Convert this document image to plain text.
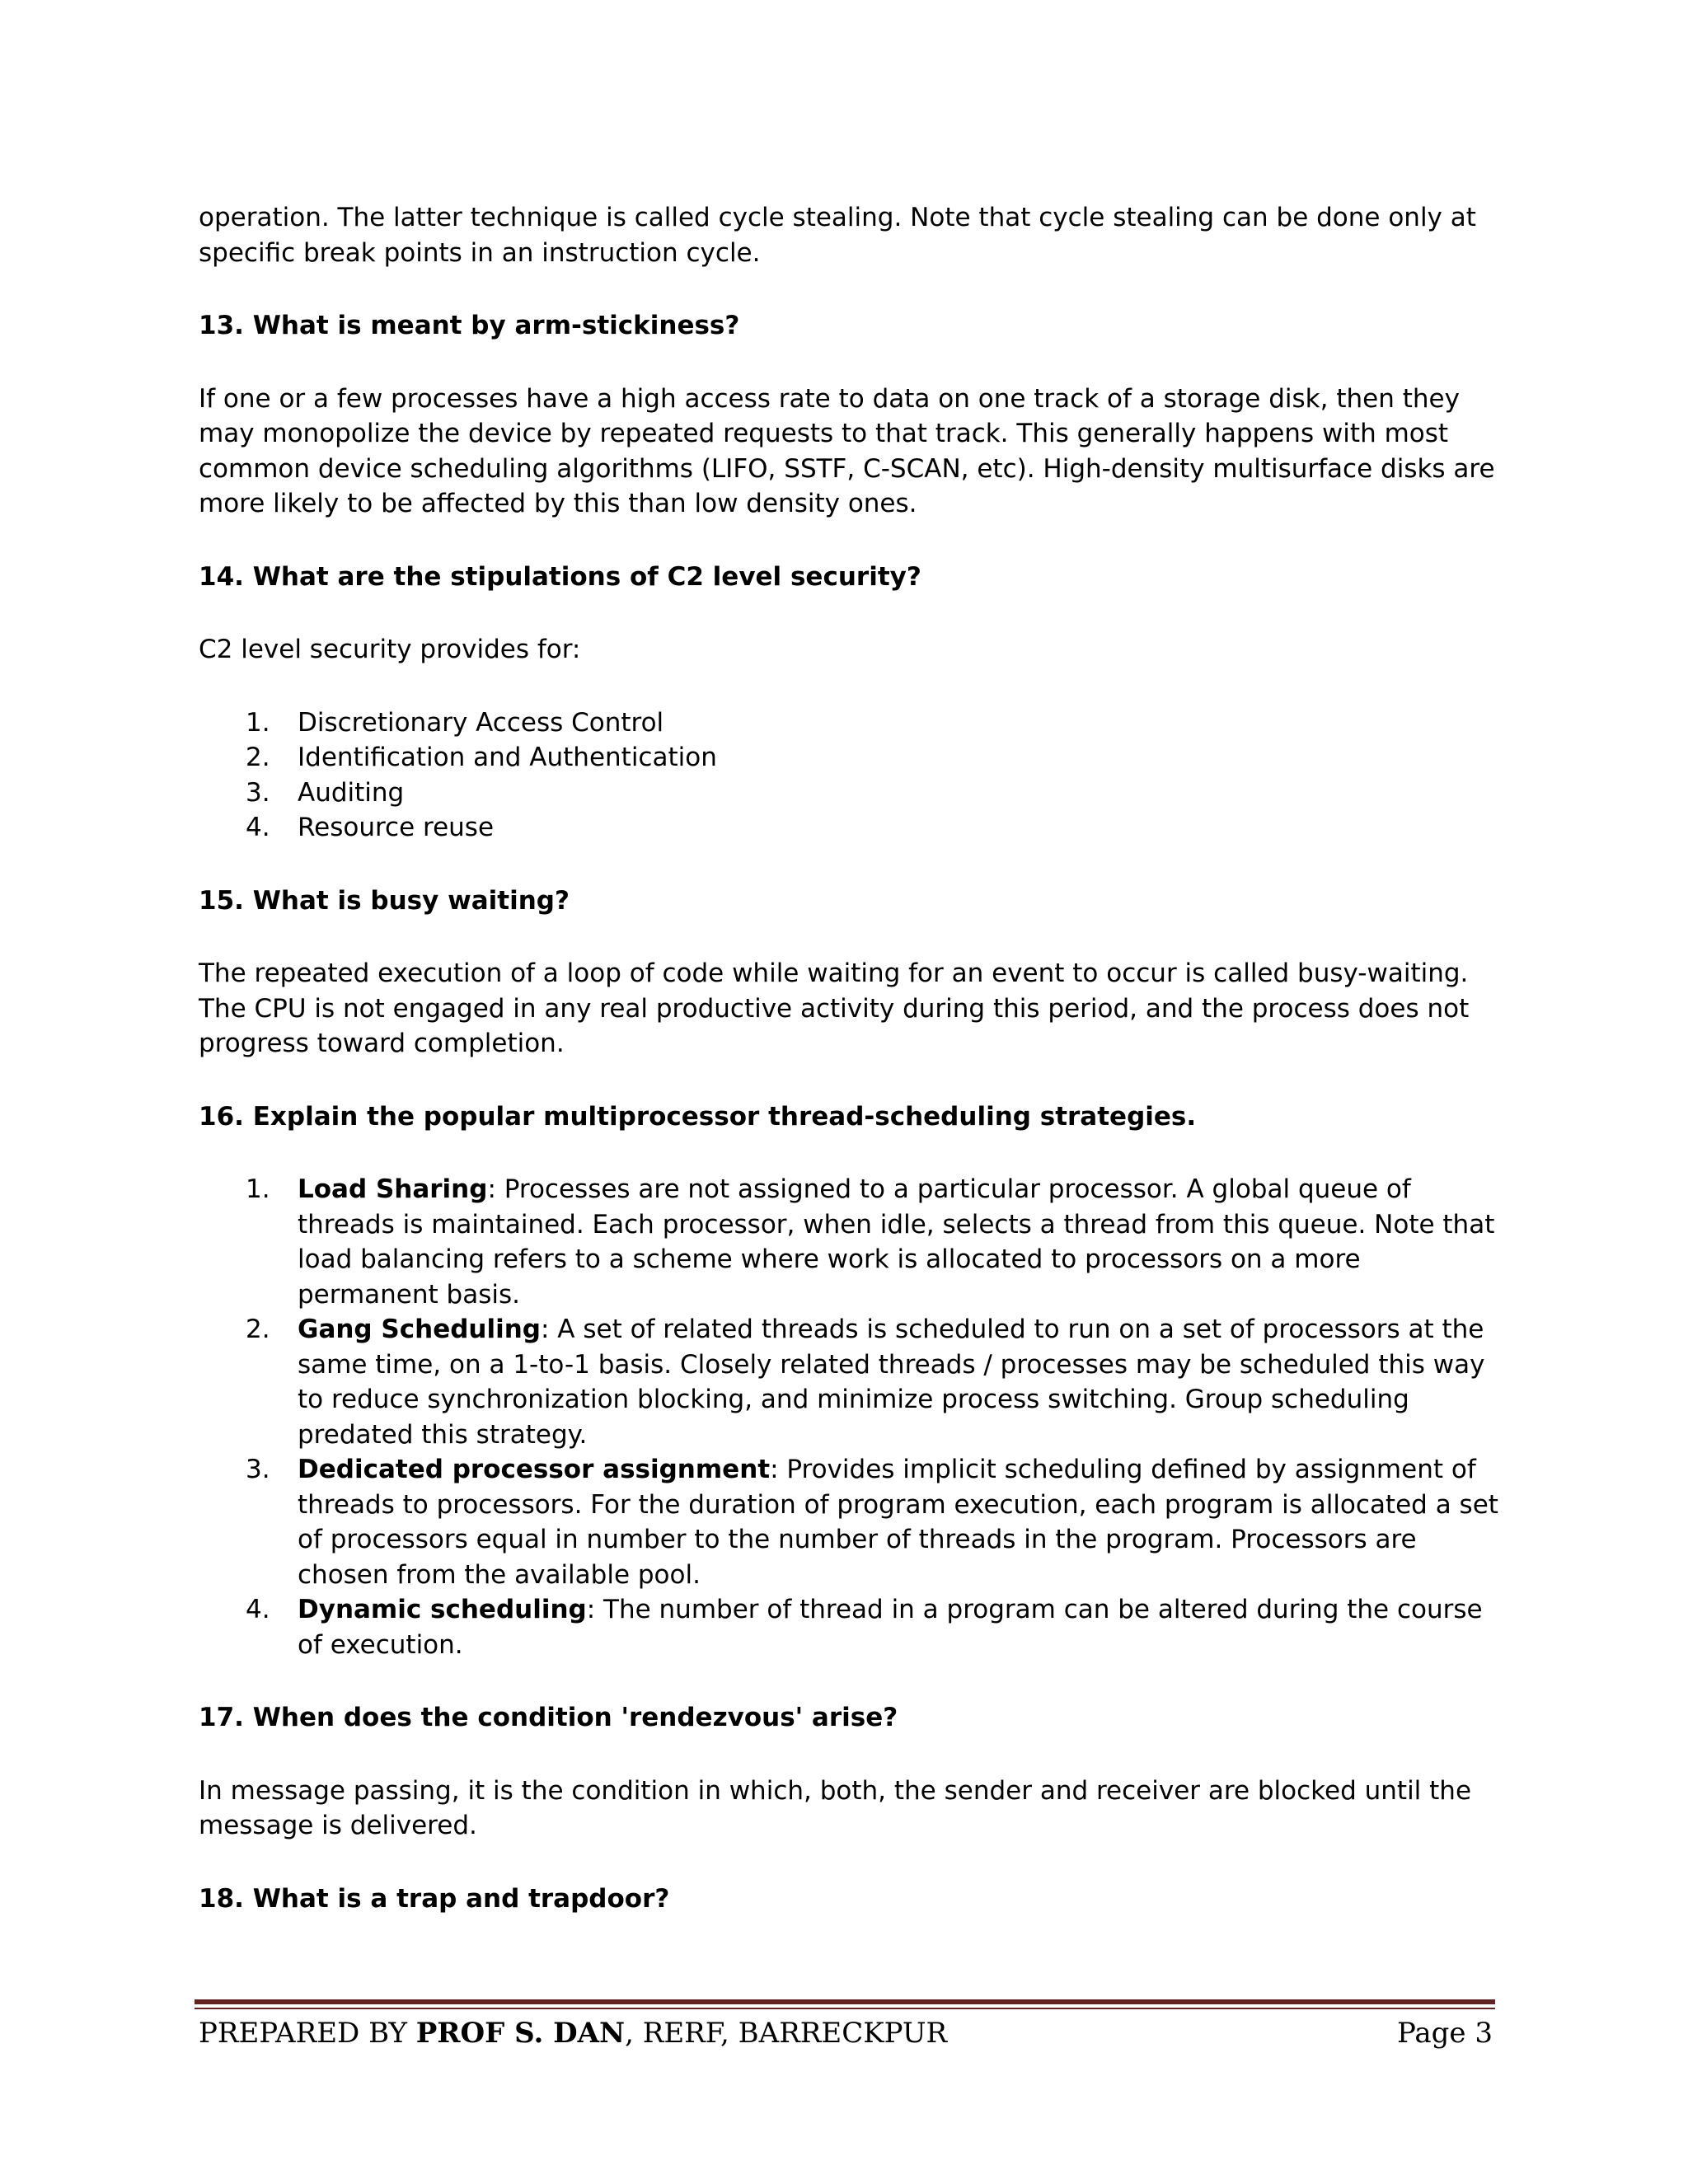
operation. The latter technique is called cycle stealing. Note that cycle stealing can be done only at specific break points in an instruction cycle.

13. What is meant by arm-stickiness?

If one or a few processes have a high access rate to data on one track of a storage disk, then they may monopolize the device by repeated requests to that track. This generally happens with most common device scheduling algorithms (LIFO, SSTF, C-SCAN, etc). High-density multisurface disks are more likely to be affected by this than low density ones.

14. What are the stipulations of C2 level security?

C2 level security provides for:

1. Discretionary Access Control
2. Identification and Authentication
3. Auditing
4. Resource reuse

15. What is busy waiting?

The repeated execution of a loop of code while waiting for an event to occur is called busy-waiting. The CPU is not engaged in any real productive activity during this period, and the process does not progress toward completion.

16. Explain the popular multiprocessor thread-scheduling strategies.

1. Load Sharing: Processes are not assigned to a particular processor. A global queue of threads is maintained. Each processor, when idle, selects a thread from this queue. Note that load balancing refers to a scheme where work is allocated to processors on a more permanent basis.
2. Gang Scheduling: A set of related threads is scheduled to run on a set of processors at the same time, on a 1-to-1 basis. Closely related threads / processes may be scheduled this way to reduce synchronization blocking, and minimize process switching. Group scheduling predated this strategy.
3. Dedicated processor assignment: Provides implicit scheduling defined by assignment of threads to processors. For the duration of program execution, each program is allocated a set of processors equal in number to the number of threads in the program. Processors are chosen from the available pool.
4. Dynamic scheduling: The number of thread in a program can be altered during the course of execution.

17. When does the condition 'rendezvous' arise?

In message passing, it is the condition in which, both, the sender and receiver are blocked until the message is delivered.

18. What is a trap and trapdoor?

PREPARED BY PROF S. DAN, RERF, BARRECKPUR	Page 3
